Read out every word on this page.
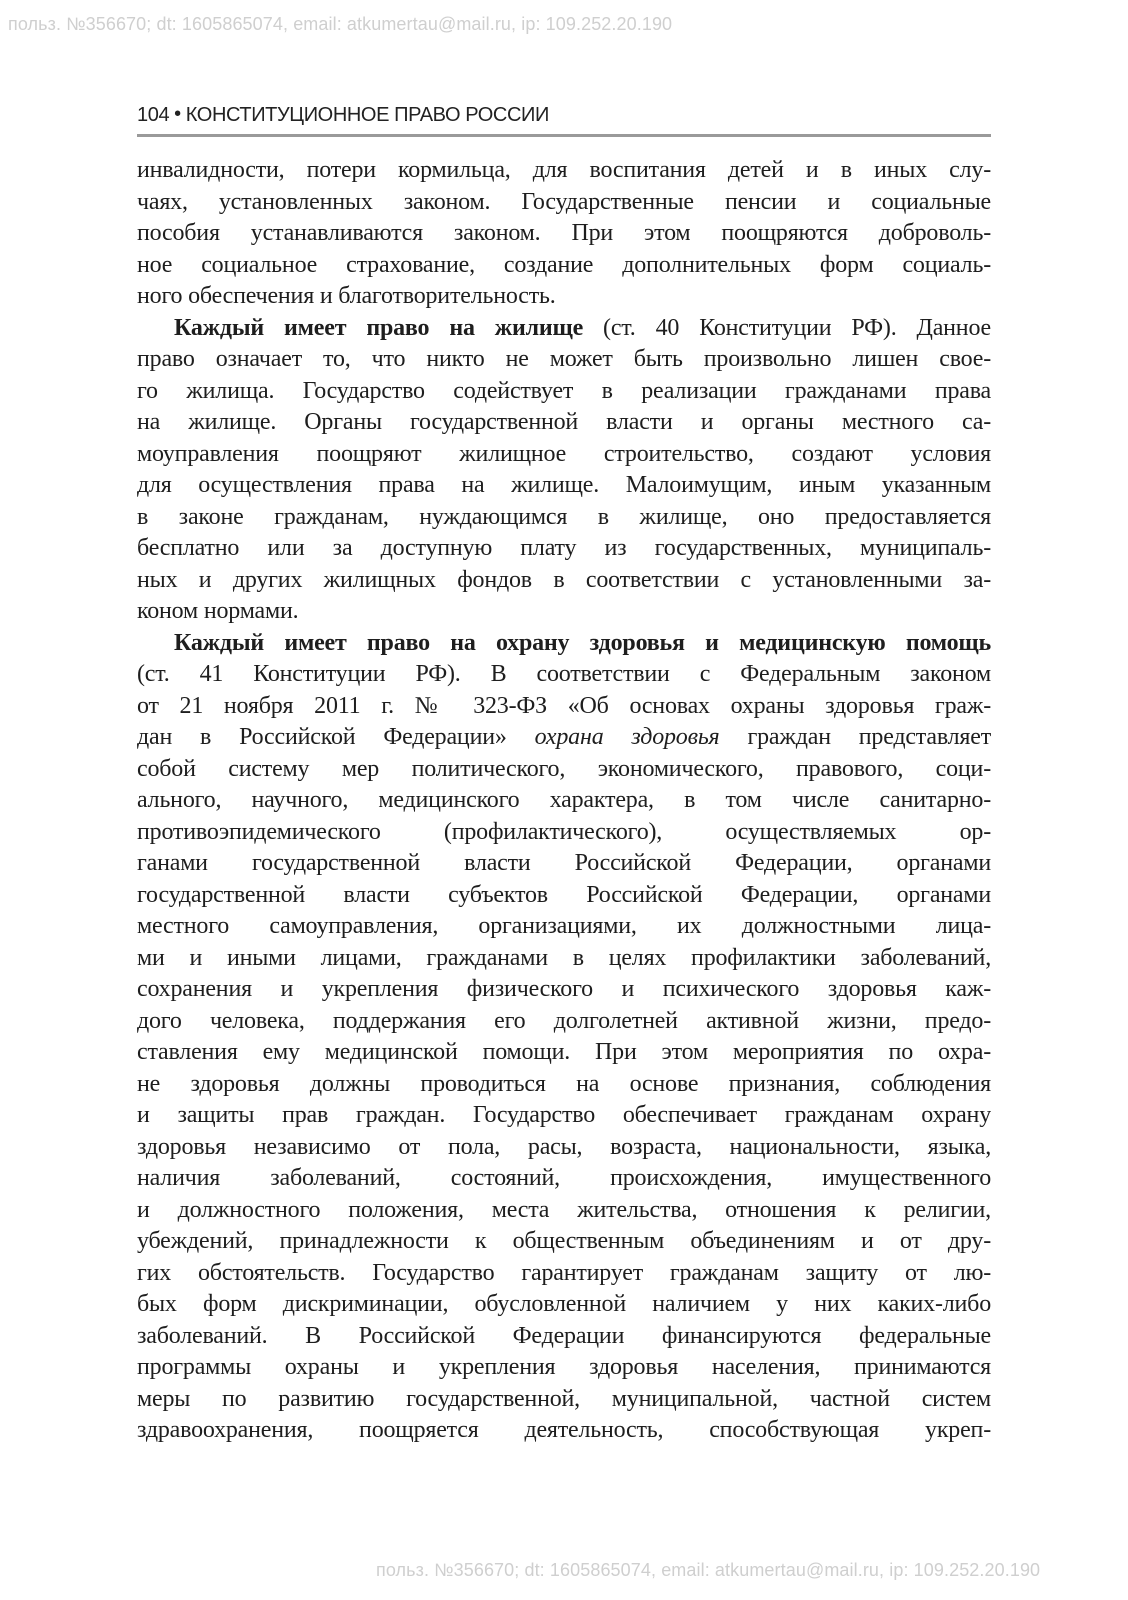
польз. №356670; dt: 1605865074, email: atkumertau@mail.ru, ip: 109.252.20.190
104 • КОНСТИТУЦИОННОЕ ПРАВО РОССИИ
инвалидности, потери кормильца, для воспитания детей и в иных слу-
чаях, установленных законом. Государственные пенсии и социальные
пособия устанавливаются законом. При этом поощряются доброволь-
ное социальное страхование, создание дополнительных форм социаль-
ного обеспечения и благотворительность.
Каждый имеет право на жилище (ст. 40 Конституции РФ). Данное
право означает то, что никто не может быть произвольно лишен свое-
го жилища. Государство содействует в реализации гражданами права
на жилище. Органы государственной власти и органы местного са-
моуправления поощряют жилищное строительство, создают условия
для осуществления права на жилище. Малоимущим, иным указанным
в законе гражданам, нуждающимся в жилище, оно предоставляется
бесплатно или за доступную плату из государственных, муниципаль-
ных и других жилищных фондов в соответствии с установленными за-
коном нормами.
Каждый имеет право на охрану здоровья и медицинскую помощь
(ст. 41 Конституции РФ). В соответствии с Федеральным законом
от 21 ноября 2011 г. № 323-ФЗ «Об основах охраны здоровья граж-
дан в Российской Федерации» охрана здоровья граждан представляет
собой систему мер политического, экономического, правового, соци-
ального, научного, медицинского характера, в том числе санитарно-
противоэпидемического (профилактического), осуществляемых ор-
ганами государственной власти Российской Федерации, органами
государственной власти субъектов Российской Федерации, органами
местного самоуправления, организациями, их должностными лица-
ми и иными лицами, гражданами в целях профилактики заболеваний,
сохранения и укрепления физического и психического здоровья каж-
дого человека, поддержания его долголетней активной жизни, предо-
ставления ему медицинской помощи. При этом мероприятия по охра-
не здоровья должны проводиться на основе признания, соблюдения
и защиты прав граждан. Государство обеспечивает гражданам охрану
здоровья независимо от пола, расы, возраста, национальности, языка,
наличия заболеваний, состояний, происхождения, имущественного
и должностного положения, места жительства, отношения к религии,
убеждений, принадлежности к общественным объединениям и от дру-
гих обстоятельств. Государство гарантирует гражданам защиту от лю-
бых форм дискриминации, обусловленной наличием у них каких-либо
заболеваний. В Российской Федерации финансируются федеральные
программы охраны и укрепления здоровья населения, принимаются
меры по развитию государственной, муниципальной, частной систем
здравоохранения, поощряется деятельность, способствующая укреп-
польз. №356670; dt: 1605865074, email: atkumertau@mail.ru, ip: 109.252.20.190
